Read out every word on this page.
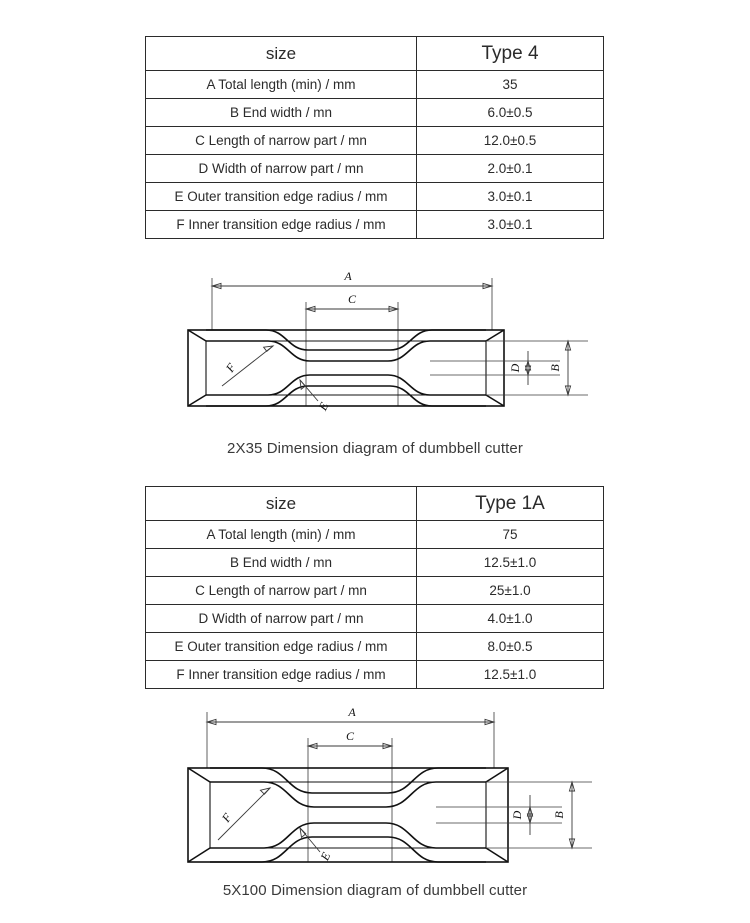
size	Type 4
A Total length (min) / mm	35
B End width / mn	6.0±0.5
C Length of narrow part / mn	12.0±0.5
D Width of narrow part / mn	2.0±0.1
E Outer transition edge radius / mm	3.0±0.1
F Inner transition edge radius / mm	3.0±0.1
A
C
F
E
D B
2X35 Dimension diagram of dumbbell cutter
size	Type 1A
A Total length (min) / mm	75
B End width / mn	12.5±1.0
C Length of narrow part / mn	25±1.0
D Width of narrow part / mn	4.0±1.0
E Outer transition edge radius / mm	8.0±0.5
F Inner transition edge radius / mm	12.5±1.0
A
C
F
E
D B
5X100 Dimension diagram of dumbbell cutter
